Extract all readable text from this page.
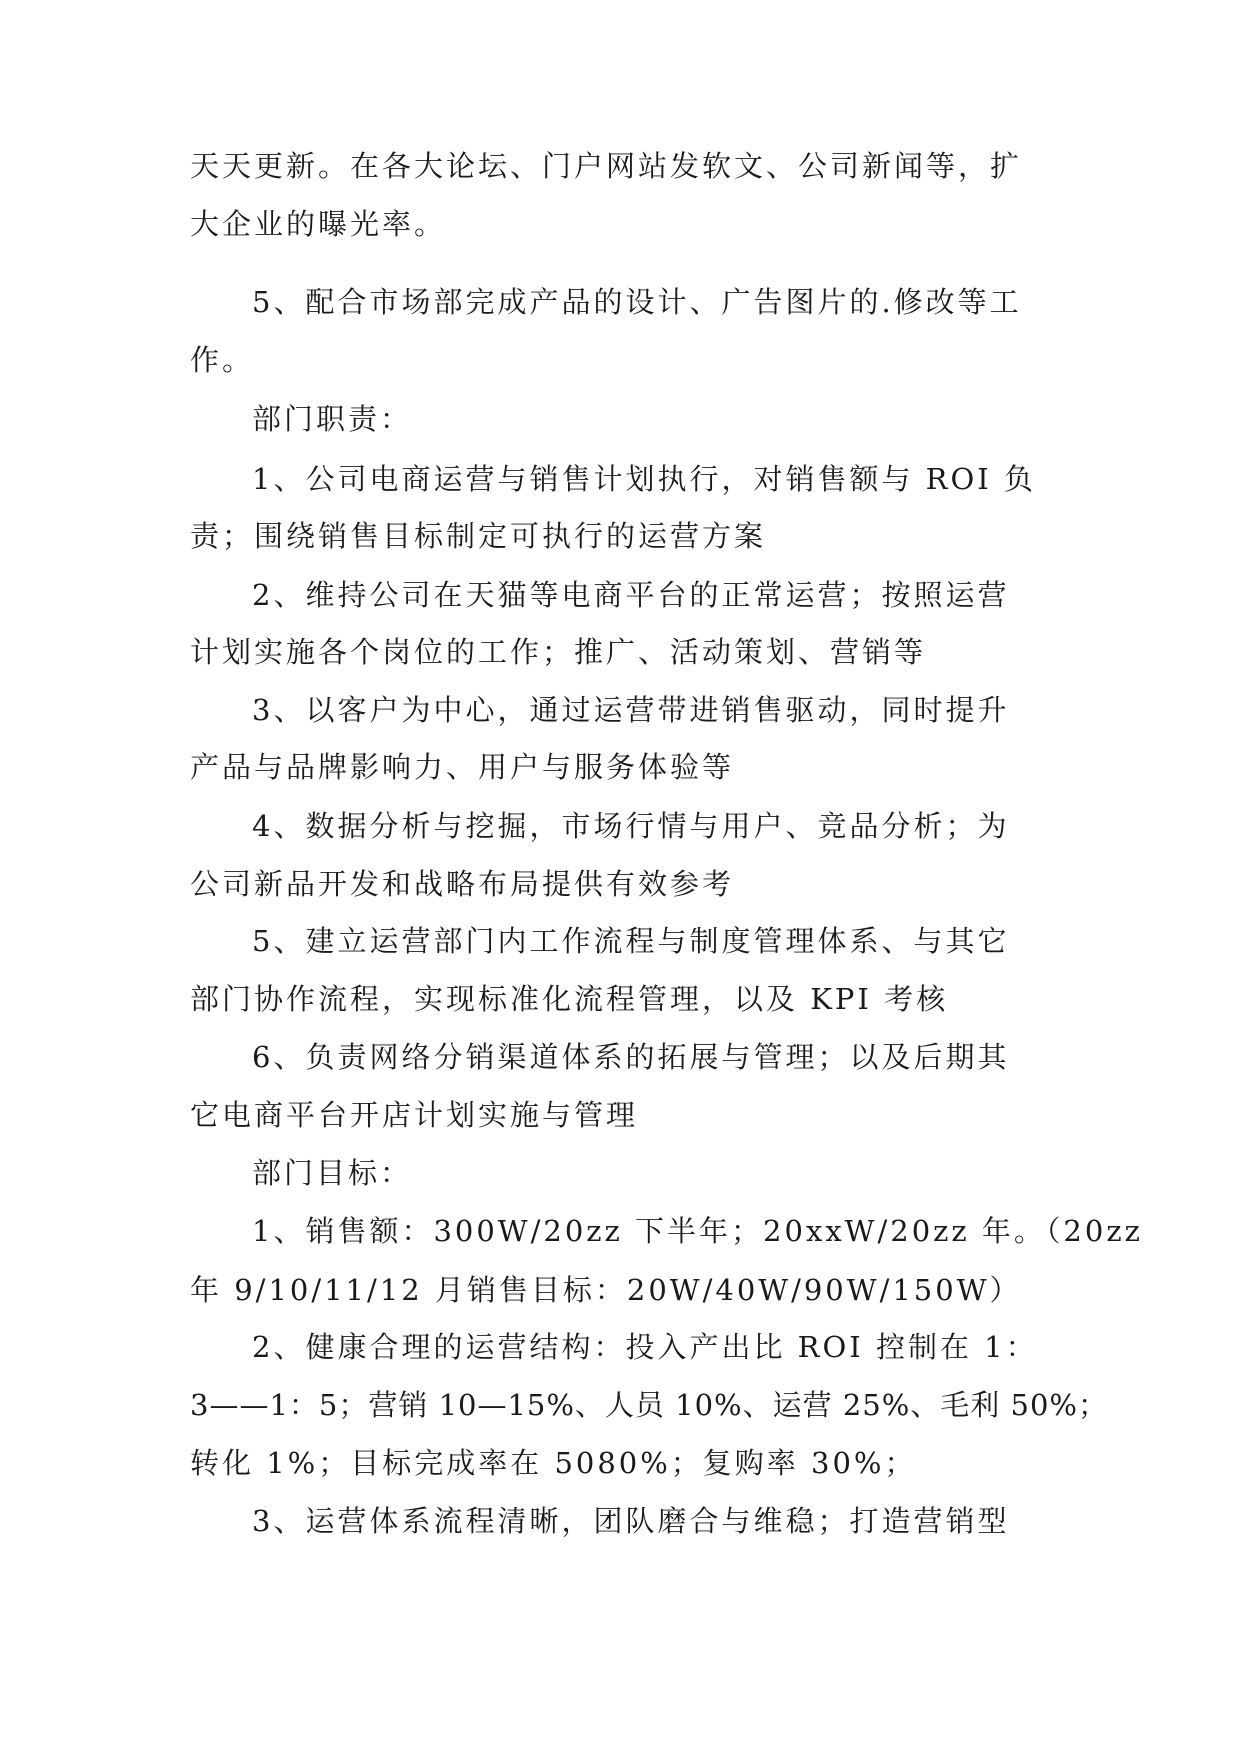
天天更新。在各大论坛、门户网站发软文、公司新闻等，扩
大企业的曝光率。
5、配合市场部完成产品的设计、广告图片的.修改等工
作。
部门职责：
1、公司电商运营与销售计划执行，对销售额与 ROI 负
责；围绕销售目标制定可执行的运营方案
2、维持公司在天猫等电商平台的正常运营；按照运营
计划实施各个岗位的工作；推广、活动策划、营销等
3、以客户为中心，通过运营带进销售驱动，同时提升
产品与品牌影响力、用户与服务体验等
4、数据分析与挖掘，市场行情与用户、竞品分析；为
公司新品开发和战略布局提供有效参考
5、建立运营部门内工作流程与制度管理体系、与其它
部门协作流程，实现标准化流程管理，以及 KPI 考核
6、负责网络分销渠道体系的拓展与管理；以及后期其
它电商平台开店计划实施与管理
部门目标：
1、销售额：300W/20zz 下半年；20xxW/20zz 年。（20zz
年 9/10/11/12 月销售目标：20W/40W/90W/150W）
2、健康合理的运营结构：投入产出比 ROI 控制在 1：
3——1：5；营销 10—15%、人员 10%、运营 25%、毛利 50%；
转化 1%；目标完成率在 5080%；复购率 30%；
3、运营体系流程清晰，团队磨合与维稳；打造营销型
